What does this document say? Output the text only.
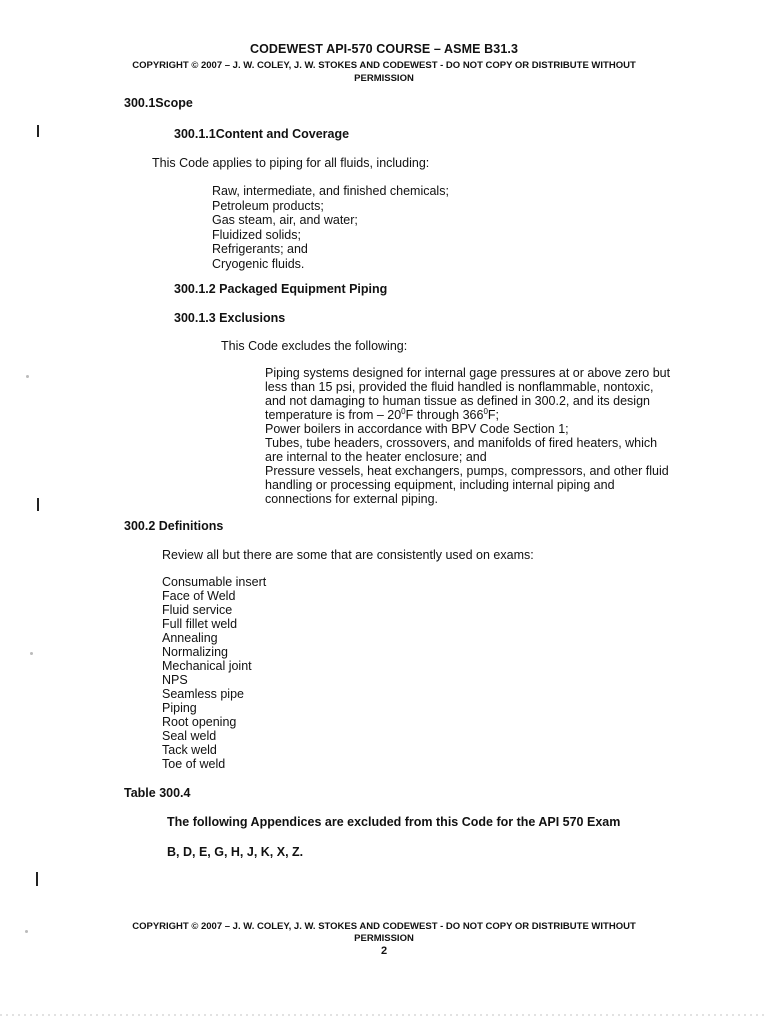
CODEWEST API-570 COURSE – ASME B31.3
COPYRIGHT © 2007 – J. W. COLEY, J. W. STOKES AND CODEWEST - DO NOT COPY OR DISTRIBUTE WITHOUT
PERMISSION
300.1Scope
300.1.1Content and Coverage
This Code applies to piping for all fluids, including:
Raw, intermediate, and finished chemicals;
Petroleum products;
Gas steam, air, and water;
Fluidized solids;
Refrigerants; and
Cryogenic fluids.
300.1.2 Packaged Equipment Piping
300.1.3 Exclusions
This Code excludes the following:
Piping systems designed for internal gage pressures at or above zero but
less than 15 psi, provided the fluid handled is nonflammable, nontoxic,
and not damaging to human tissue as defined in 300.2, and its design
temperature is from – $20^0F$ through $366^0F$;
Power boilers in accordance with BPV Code Section 1;
Tubes, tube headers, crossovers, and manifolds of fired heaters, which
are internal to the heater enclosure; and
Pressure vessels, heat exchangers, pumps, compressors, and other fluid
handling or processing equipment, including internal piping and
connections for external piping.
300.2 Definitions
Review all but there are some that are consistently used on exams:
Consumable insert
Face of Weld
Fluid service
Full fillet weld
Annealing
Normalizing
Mechanical joint
NPS
Seamless pipe
Piping
Root opening
Seal weld
Tack weld
Toe of weld
Table 300.4
The following Appendices are excluded from this Code for the API 570 Exam
B, D, E, G, H, J, K, X, Z.
COPYRIGHT © 2007 – J. W. COLEY, J. W. STOKES AND CODEWEST - DO NOT COPY OR DISTRIBUTE WITHOUT
PERMISSION
2
